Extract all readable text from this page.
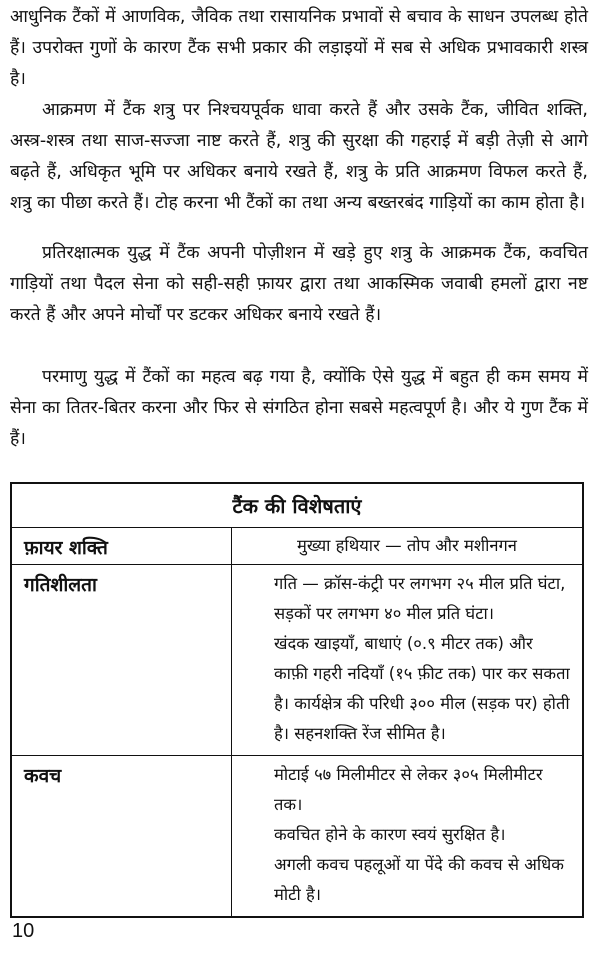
आधुनिक टैंकों में आणविक, जैविक तथा रासायनिक प्रभावों से बचाव के साधन उपलब्ध होते हैं। उपरोक्त गुणों के कारण टैंक सभी प्रकार की लड़ाइयों में सब से अधिक प्रभावकारी शस्त्र है।

आक्रमण में टैंक शत्रु पर निश्चयपूर्वक धावा करते हैं और उसके टैंक, जीवित शक्ति, अस्त्र-शस्त्र तथा साज-सज्जा नाष्ट करते हैं, शत्रु की सुरक्षा की गहराई में बड़ी तेज़ी से आगे बढ़ते हैं, अधिकृत भूमि पर अधिकर बनाये रखते हैं, शत्रु के प्रति आक्रमण विफल करते हैं, शत्रु का पीछा करते हैं। टोह करना भी टैंकों का तथा अन्य बख्तरबंद गाड़ियों का काम होता है।

प्रतिरक्षात्मक युद्ध में टैंक अपनी पोज़ीशन में खड़े हुए शत्रु के आक्रमक टैंक, कवचित गाड़ियों तथा पैदल सेना को सही-सही फ़ायर द्वारा तथा आकस्मिक जवाबी हमलों द्वारा नष्ट करते हैं और अपने मोर्चों पर डटकर अधिकर बनाये रखते हैं।

परमाणु युद्ध में टैंकों का महत्व बढ़ गया है, क्योंकि ऐसे युद्ध में बहुत ही कम समय में सेना का तितर-बितर करना और फिर से संगठित होना सबसे महत्वपूर्ण है। और ये गुण टैंक में हैं।

टैंक की विशेषताएं	
फ़ायर शक्ति	मुख्या हथियार — तोप और मशीनगन
गतिशीलता	गति — क्रॉस-कंट्री पर लगभग २५ मील प्रति घंटा, सड़कों पर लगभग ४० मील प्रति घंटा।
खंदक खाइयाँ, बाधाएं (०.९ मीटर तक) और काफ़ी गहरी नदियाँ (१५ फ़ीट तक) पार कर सकता है। कार्यक्षेत्र की परिधी ३०० मील (सड़क पर) होती है। सहनशक्ति रेंज सीमित है।

कवच	मोटाई ५७ मिलीमीटर से लेकर ३०५ मिलीमीटर तक।
कवचित होने के कारण स्वयं सुरक्षित है।
अगली कवच पहलूओं या पेंदे की कवच से अधिक मोटी है।
10
